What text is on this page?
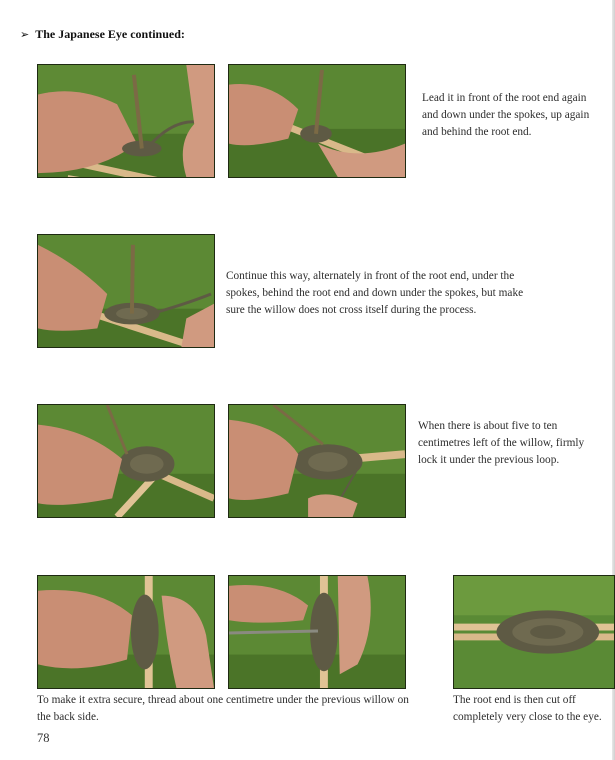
➢ The Japanese Eye continued:
Lead it in front of the root end again and down under the spokes, up again and behind the root end.
Continue this way, alternately in front of the root end, under the spokes, behind the root end and down under the spokes, but make sure the willow does not cross itself during the process.
When there is about five to ten centimetres left of the willow, firmly lock it under the previous loop.
To make it extra secure, thread about one centimetre under the previous willow on the back side.
The root end is then cut off completely very close to the eye.
78
